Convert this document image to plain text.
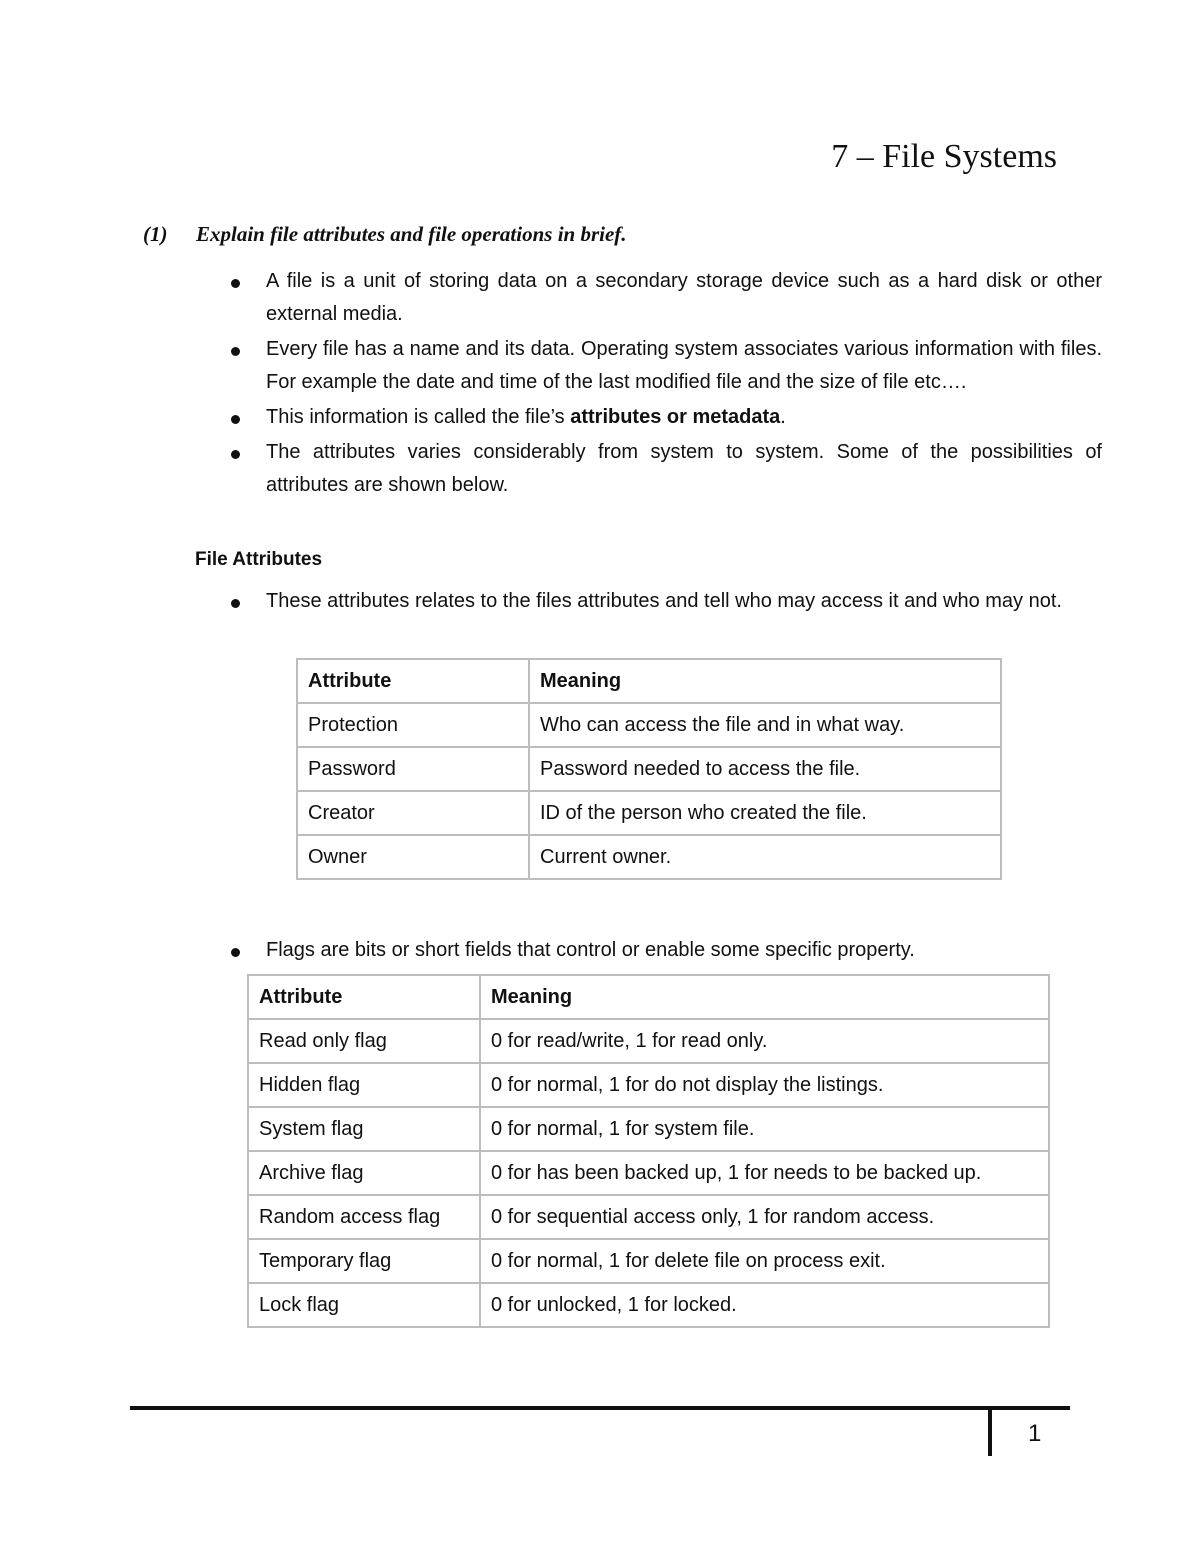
7 – File Systems
(1) Explain file attributes and file operations in brief.
A file is a unit of storing data on a secondary storage device such as a hard disk or other external media.
Every file has a name and its data. Operating system associates various information with files. For example the date and time of the last modified file and the size of file etc….
This information is called the file’s attributes or metadata.
The attributes varies considerably from system to system. Some of the possibilities of attributes are shown below.
File Attributes
These attributes relates to the files attributes and tell who may access it and who may not.
Attribute	Meaning
Protection	Who can access the file and in what way.
Password	Password needed to access the file.
Creator	ID of the person who created the file.
Owner	Current owner.
Flags are bits or short fields that control or enable some specific property.
Attribute	Meaning
Read only flag	0 for read/write, 1 for read only.
Hidden flag	0 for normal, 1 for do not display the listings.
System flag	0 for normal, 1 for system file.
Archive flag	0 for has been backed up, 1 for needs to be backed up.
Random access flag	0 for sequential access only, 1 for random access.
Temporary flag	0 for normal, 1 for delete file on process exit.
Lock flag	0 for unlocked, 1 for locked.
1
